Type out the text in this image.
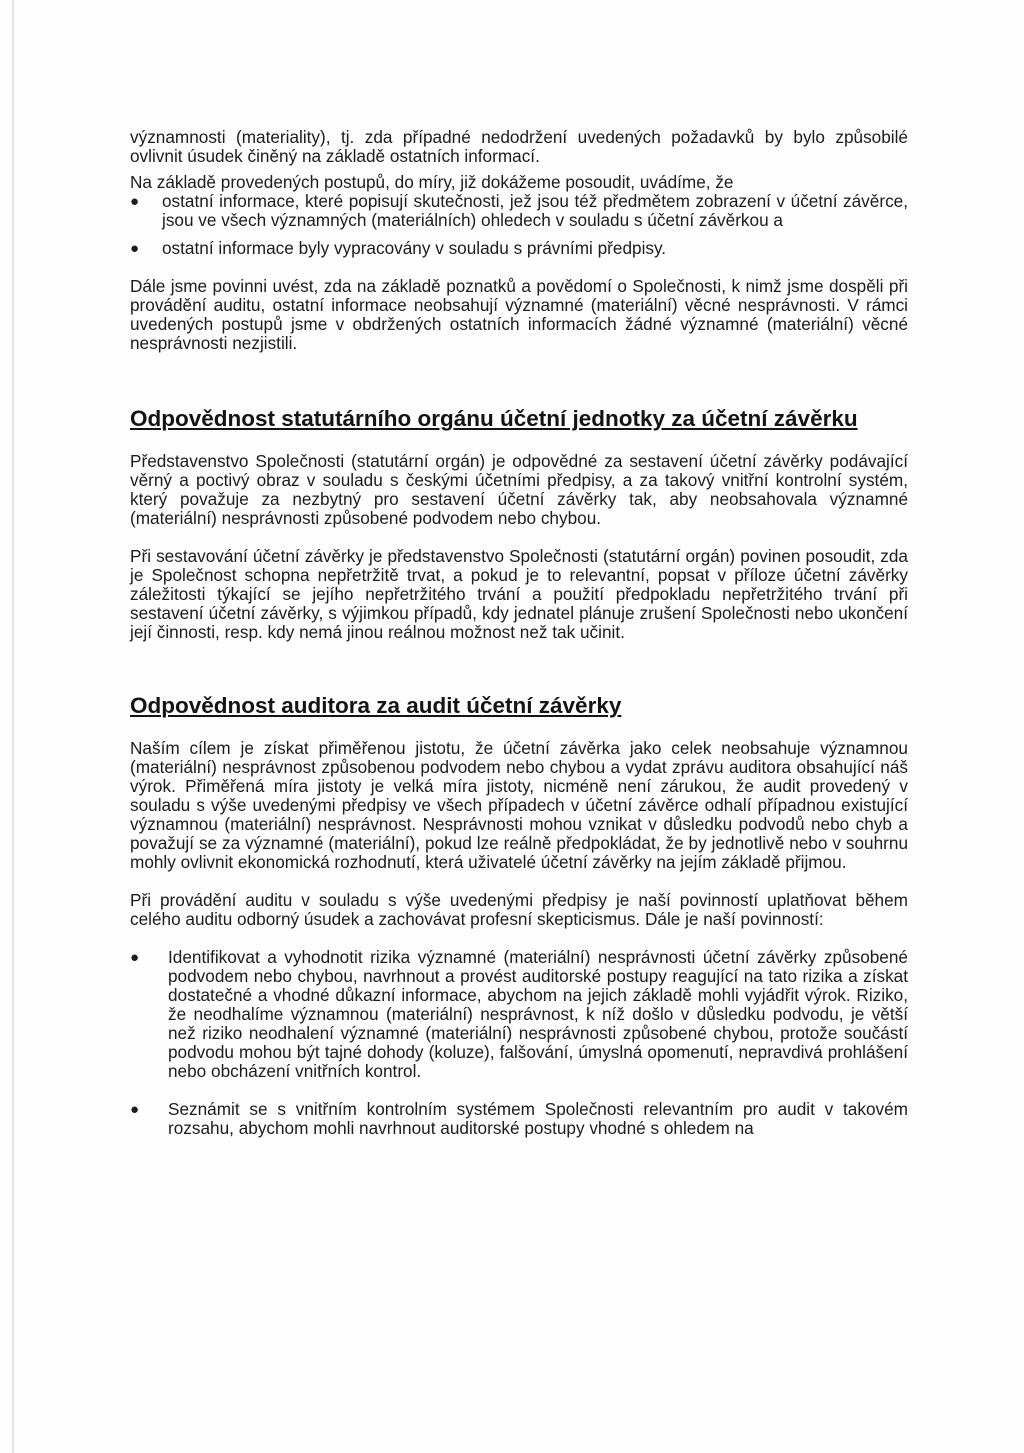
významnosti (materiality), tj. zda případné nedodržení uvedených požadavků by bylo způsobilé ovlivnit úsudek činěný na základě ostatních informací.

Na základě provedených postupů, do míry, již dokážeme posoudit, uvádíme, že

● ostatní informace, které popisují skutečnosti, jež jsou též předmětem zobrazení v účetní závěrce, jsou ve všech významných (materiálních) ohledech v souladu s účetní závěrkou a
● ostatní informace byly vypracovány v souladu s právními předpisy.

Dále jsme povinni uvést, zda na základě poznatků a povědomí o Společnosti, k nimž jsme dospěli při provádění auditu, ostatní informace neobsahují významné (materiální) věcné nesprávnosti. V rámci uvedených postupů jsme v obdržených ostatních informacích žádné významné (materiální) věcné nesprávnosti nezjistili.

Odpovědnost statutárního orgánu účetní jednotky za účetní závěrku

Představenstvo Společnosti (statutární orgán) je odpovědné za sestavení účetní závěrky podávající věrný a poctivý obraz v souladu s českými účetními předpisy, a za takový vnitřní kontrolní systém, který považuje za nezbytný pro sestavení účetní závěrky tak, aby neobsahovala významné (materiální) nesprávnosti způsobené podvodem nebo chybou.

Při sestavování účetní závěrky je představenstvo Společnosti (statutární orgán) povinen posoudit, zda je Společnost schopna nepřetržitě trvat, a pokud je to relevantní, popsat v příloze účetní závěrky záležitosti týkající se jejího nepřetržitého trvání a použití předpokladu nepřetržitého trvání při sestavení účetní závěrky, s výjimkou případů, kdy jednatel plánuje zrušení Společnosti nebo ukončení její činnosti, resp. kdy nemá jinou reálnou možnost než tak učinit.

Odpovědnost auditora za audit účetní závěrky

Naším cílem je získat přiměřenou jistotu, že účetní závěrka jako celek neobsahuje významnou (materiální) nesprávnost způsobenou podvodem nebo chybou a vydat zprávu auditora obsahující náš výrok. Přiměřená míra jistoty je velká míra jistoty, nicméně není zárukou, že audit provedený v souladu s výše uvedenými předpisy ve všech případech v účetní závěrce odhalí případnou existující významnou (materiální) nesprávnost. Nesprávnosti mohou vznikat v důsledku podvodů nebo chyb a považují se za významné (materiální), pokud lze reálně předpokládat, že by jednotlivě nebo v souhrnu mohly ovlivnit ekonomická rozhodnutí, která uživatelé účetní závěrky na jejím základě přijmou.

Při provádění auditu v souladu s výše uvedenými předpisy je naší povinností uplatňovat během celého auditu odborný úsudek a zachovávat profesní skepticismus. Dále je naší povinností:

● Identifikovat a vyhodnotit rizika významné (materiální) nesprávnosti účetní závěrky způsobené podvodem nebo chybou, navrhnout a provést auditorské postupy reagující na tato rizika a získat dostatečné a vhodné důkazní informace, abychom na jejich základě mohli vyjádřit výrok. Riziko, že neodhalíme významnou (materiální) nesprávnost, k níž došlo v důsledku podvodu, je větší než riziko neodhalení významné (materiální) nesprávnosti způsobené chybou, protože součástí podvodu mohou být tajné dohody (koluze), falšování, úmyslná opomenutí, nepravdivá prohlášení nebo obcházení vnitřních kontrol.
● Seznámit se s vnitřním kontrolním systémem Společnosti relevantním pro audit v takovém rozsahu, abychom mohli navrhnout auditorské postupy vhodné s ohledem na
